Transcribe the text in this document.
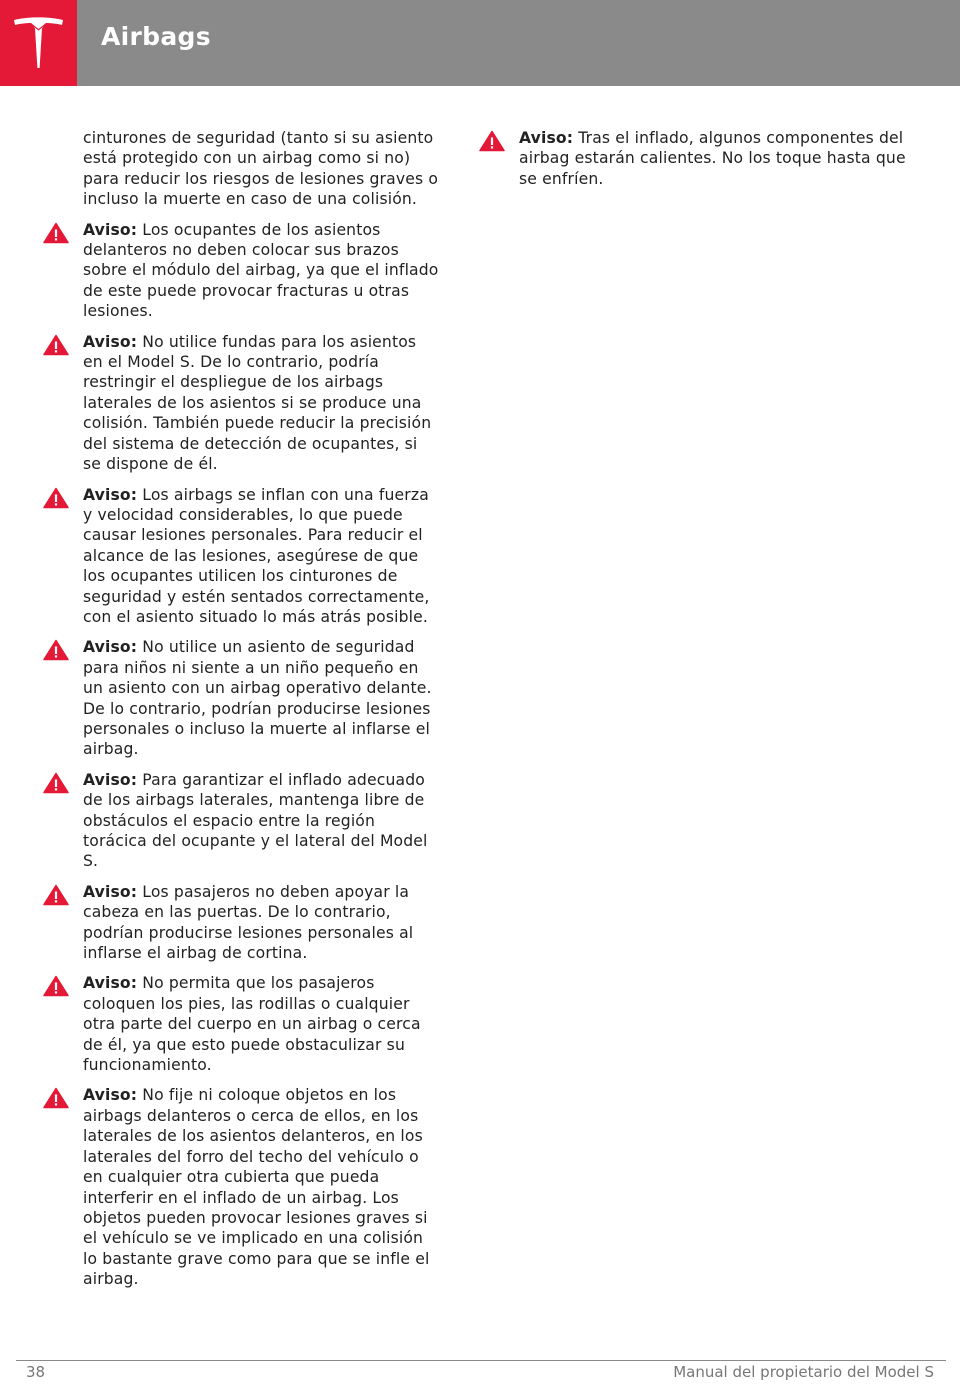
Airbags
cinturones de seguridad (tanto si su asiento está protegido con un airbag como si no) para reducir los riesgos de lesiones graves o incluso la muerte en caso de una colisión.
Aviso: Los ocupantes de los asientos delanteros no deben colocar sus brazos sobre el módulo del airbag, ya que el inflado de este puede provocar fracturas u otras lesiones.
Aviso: No utilice fundas para los asientos en el Model S. De lo contrario, podría restringir el despliegue de los airbags laterales de los asientos si se produce una colisión. También puede reducir la precisión del sistema de detección de ocupantes, si se dispone de él.
Aviso: Los airbags se inflan con una fuerza y velocidad considerables, lo que puede causar lesiones personales. Para reducir el alcance de las lesiones, asegúrese de que los ocupantes utilicen los cinturones de seguridad y estén sentados correctamente, con el asiento situado lo más atrás posible.
Aviso: No utilice un asiento de seguridad para niños ni siente a un niño pequeño en un asiento con un airbag operativo delante. De lo contrario, podrían producirse lesiones personales o incluso la muerte al inflarse el airbag.
Aviso: Para garantizar el inflado adecuado de los airbags laterales, mantenga libre de obstáculos el espacio entre la región torácica del ocupante y el lateral del Model S.
Aviso: Los pasajeros no deben apoyar la cabeza en las puertas. De lo contrario, podrían producirse lesiones personales al inflarse el airbag de cortina.
Aviso: No permita que los pasajeros coloquen los pies, las rodillas o cualquier otra parte del cuerpo en un airbag o cerca de él, ya que esto puede obstaculizar su funcionamiento.
Aviso: No fije ni coloque objetos en los airbags delanteros o cerca de ellos, en los laterales de los asientos delanteros, en los laterales del forro del techo del vehículo o en cualquier otra cubierta que pueda interferir en el inflado de un airbag. Los objetos pueden provocar lesiones graves si el vehículo se ve implicado en una colisión lo bastante grave como para que se infle el airbag.
Aviso: Tras el inflado, algunos componentes del airbag estarán calientes. No los toque hasta que se enfríen.
38	Manual del propietario del Model S
